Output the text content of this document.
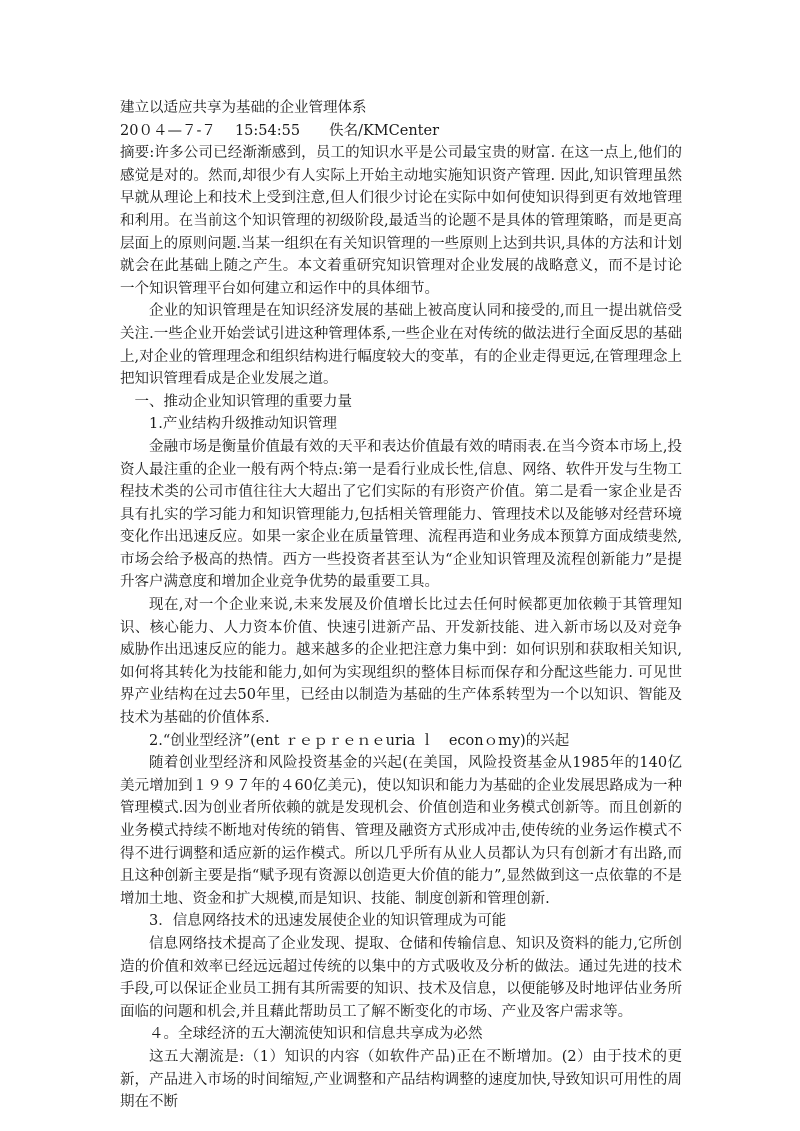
建立以适应共享为基础的企业管理体系

20０４—７-７　 15:54:55　　佚名/KMCenter

摘要:许多公司已经渐渐感到，员工的知识水平是公司最宝贵的财富. 在这一点上,他们的感觉是对的。然而,却很少有人实际上开始主动地实施知识资产管理. 因此,知识管理虽然早就从理论上和技术上受到注意,但人们很少讨论在实际中如何使知识得到更有效地管理和利用。在当前这个知识管理的初级阶段,最适当的论题不是具体的管理策略，而是更高层面上的原则问题.当某一组织在有关知识管理的一些原则上达到共识,具体的方法和计划就会在此基础上随之产生。本文着重研究知识管理对企业发展的战略意义，而不是讨论一个知识管理平台如何建立和运作中的具体细节。

企业的知识管理是在知识经济发展的基础上被高度认同和接受的,而且一提出就倍受关注.一些企业开始尝试引进这种管理体系,一些企业在对传统的做法进行全面反思的基础上,对企业的管理理念和组织结构进行幅度较大的变革，有的企业走得更远,在管理理念上把知识管理看成是企业发展之道。

一、推动企业知识管理的重要力量

1.产业结构升级推动知识管理

金融市场是衡量价值最有效的天平和表达价值最有效的晴雨表.在当今资本市场上,投资人最注重的企业一般有两个特点:第一是看行业成长性,信息、网络、软件开发与生物工程技术类的公司市值往往大大超出了它们实际的有形资产价值。第二是看一家企业是否具有扎实的学习能力和知识管理能力,包括相关管理能力、管理技术以及能够对经营环境变化作出迅速反应。如果一家企业在质量管理、流程再造和业务成本预算方面成绩斐然,市场会给予极高的热情。西方一些投资者甚至认为“企业知识管理及流程创新能力”是提升客户满意度和增加企业竞争优势的最重要工具。

现在,对一个企业来说,未来发展及价值增长比过去任何时候都更加依赖于其管理知识、核心能力、人力资本价值、快速引进新产品、开发新技能、进入新市场以及对竞争威胁作出迅速反应的能力。越来越多的企业把注意力集中到：如何识别和获取相关知识,如何将其转化为技能和能力,如何为实现组织的整体目标而保存和分配这些能力. 可见世界产业结构在过去50年里，已经由以制造为基础的生产体系转型为一个以知识、智能及技术为基础的价值体系.

2.“创业型经济”(ent ｒｅｐｒｅｎｅuria ｌ　econｏmy)的兴起

随着创业型经济和风险投资基金的兴起(在美国，风险投资基金从1985年的140亿美元增加到１９９７年的４60亿美元)，使以知识和能力为基础的企业发展思路成为一种管理模式.因为创业者所依赖的就是发现机会、价值创造和业务模式创新等。而且创新的业务模式持续不断地对传统的销售、管理及融资方式形成冲击,使传统的业务运作模式不得不进行调整和适应新的运作模式。所以几乎所有从业人员都认为只有创新才有出路,而且这种创新主要是指“赋予现有资源以创造更大价值的能力”,显然做到这一点依靠的不是增加土地、资金和扩大规模,而是知识、技能、制度创新和管理创新.

3．信息网络技术的迅速发展使企业的知识管理成为可能

信息网络技术提高了企业发现、提取、仓储和传输信息、知识及资料的能力,它所创造的价值和效率已经远远超过传统的以集中的方式吸收及分析的做法。通过先进的技术手段,可以保证企业员工拥有其所需要的知识、技术及信息，以便能够及时地评估业务所面临的问题和机会,并且藉此帮助员工了解不断变化的市场、产业及客户需求等。

４。全球经济的五大潮流使知识和信息共享成为必然

这五大潮流是:（1）知识的内容（如软件产品)正在不断增加。(2）由于技术的更新，产品进入市场的时间缩短,产业调整和产品结构调整的速度加快,导致知识可用性的周期在不断
